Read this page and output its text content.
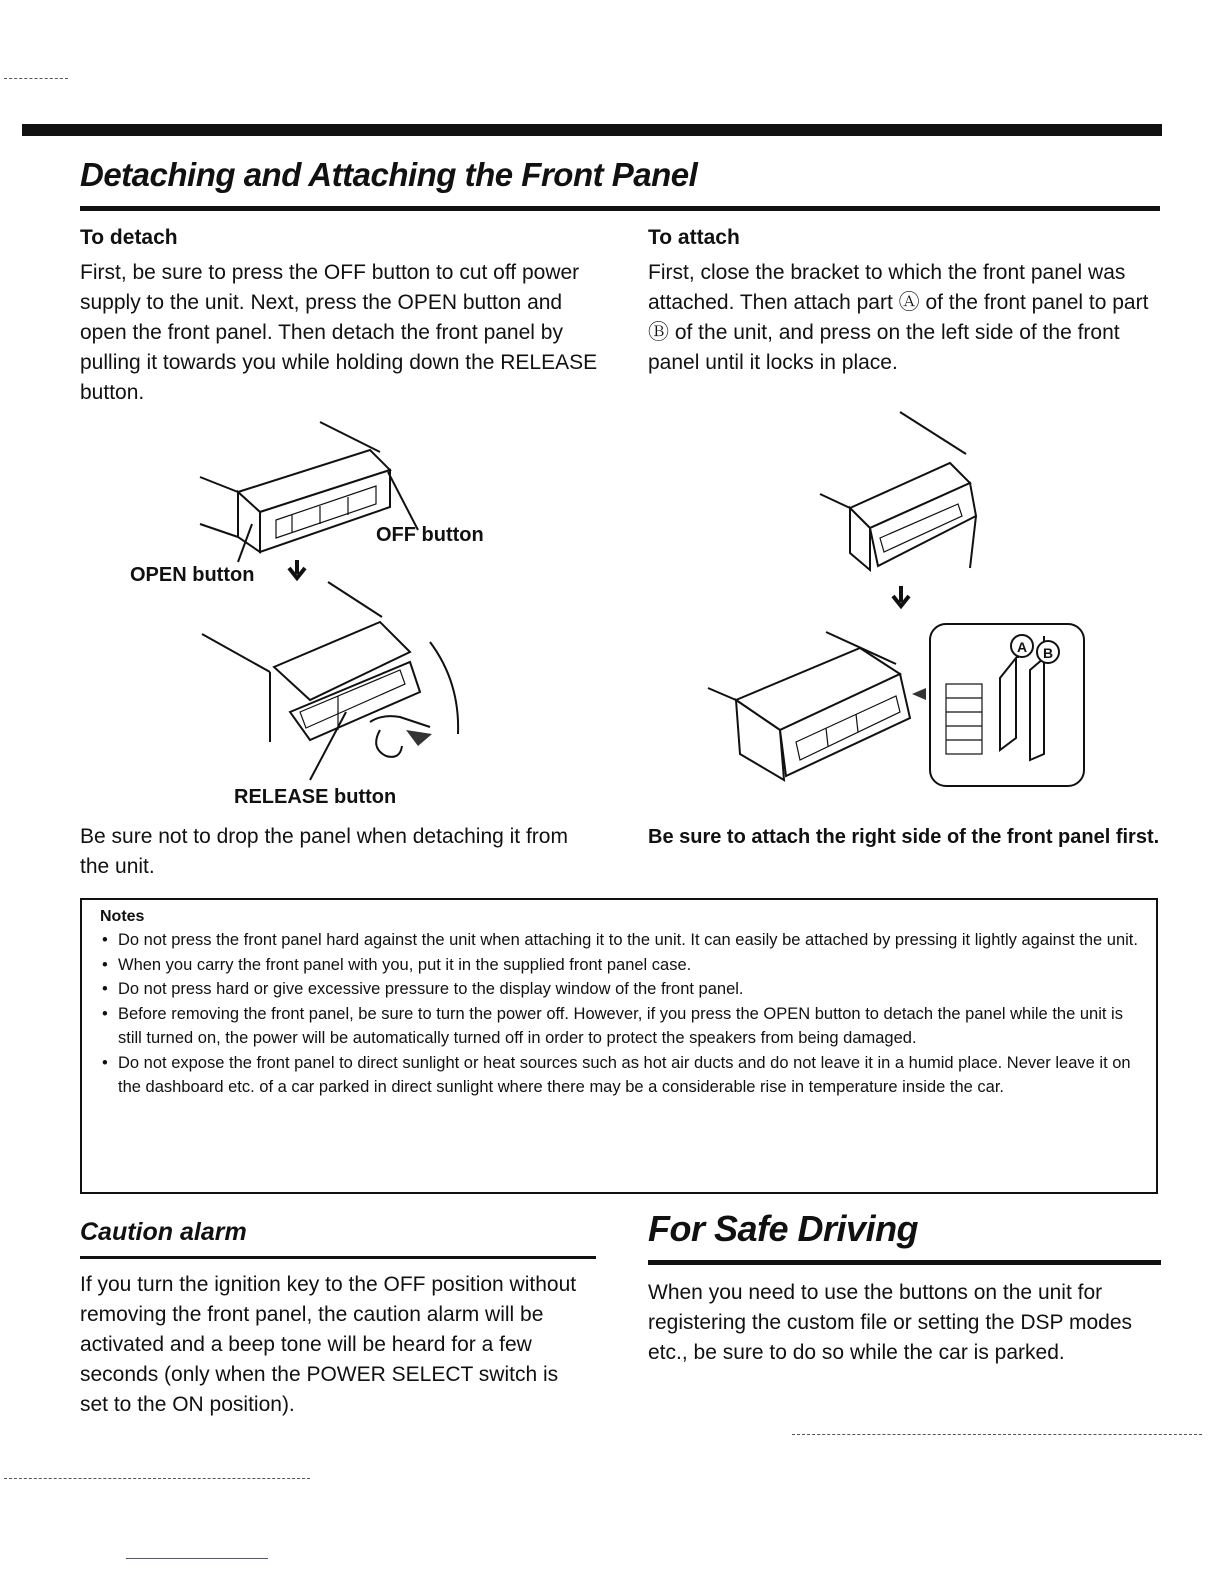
Detaching and Attaching the Front Panel
To detach
First, be sure to press the OFF button to cut off power supply to the unit. Next, press the OPEN button and open the front panel. Then detach the front panel by pulling it towards you while holding down the RELEASE button.
To attach
First, close the bracket to which the front panel was attached. Then attach part Ⓐ of the front panel to part Ⓑ of the unit, and press on the left side of the front panel until it locks in place.
OFF button
OPEN button
RELEASE button
Be sure not to drop the panel when detaching it from the unit.
A B
Be sure to attach the right side of the front panel first.
Notes
• Do not press the front panel hard against the unit when attaching it to the unit. It can easily be attached by pressing it lightly against the unit.
• When you carry the front panel with you, put it in the supplied front panel case.
• Do not press hard or give excessive pressure to the display window of the front panel.
• Before removing the front panel, be sure to turn the power off. However, if you press the OPEN button to detach the panel while the unit is still turned on, the power will be automatically turned off in order to protect the speakers from being damaged.
• Do not expose the front panel to direct sunlight or heat sources such as hot air ducts and do not leave it in a humid place. Never leave it on the dashboard etc. of a car parked in direct sunlight where there may be a considerable rise in temperature inside the car.
Caution alarm
If you turn the ignition key to the OFF position without removing the front panel, the caution alarm will be activated and a beep tone will be heard for a few seconds (only when the POWER SELECT switch is set to the ON position).
For Safe Driving
When you need to use the buttons on the unit for registering the custom file or setting the DSP modes etc., be sure to do so while the car is parked.
